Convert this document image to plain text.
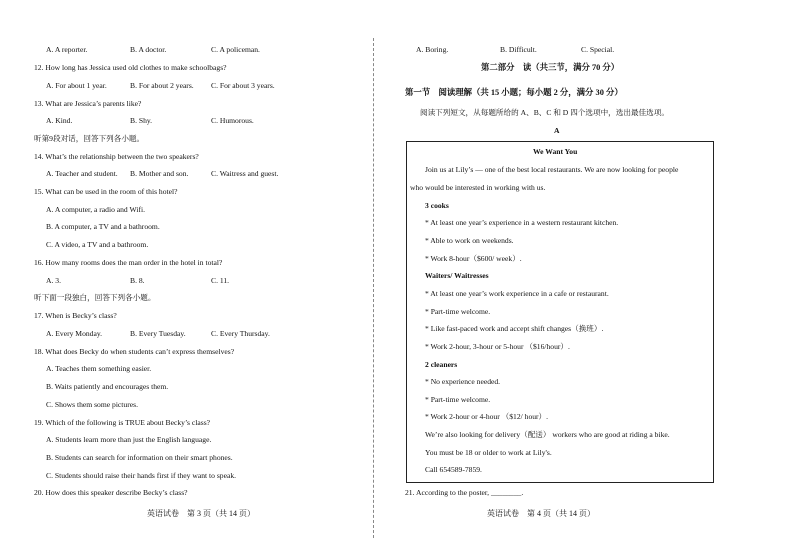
A. A reporter.	B. A doctor.	C. A policeman.
12. How long has Jessica used old clothes to make schoolbags?
A. For about 1 year.	B. For about 2 years. C. For about 3 years.
13. What are Jessica’s parents like?
A. Kind.	B. Shy.	C. Humorous.
听第9段对话，回答下列各小题。
14. What’s the relationship between the two speakers?
A. Teacher and student. B. Mother and son.	C. Waitress and guest.
15. What can be used in the room of this hotel?
A. A computer, a radio and Wifi.
B. A computer, a TV and a bathroom.
C. A video, a TV and a bathroom.
16. How many rooms does the man order in the hotel in total?
A. 3.	B. 8.	C. 11.
听下面一段独白，回答下列各小题。
17. When is Becky’s class?
A. Every Monday.	B. Every Tuesday.	C. Every Thursday.
18. What does Becky do when students can’t express themselves?
A. Teaches them something easier.
B. Waits patiently and encourages them.
C. Shows them some pictures.
19. Which of the following is TRUE about Becky’s class?
A. Students learn more than just the English language.
B. Students can search for information on their smart phones.
C. Students should raise their hands first if they want to speak.
20. How does this speaker describe Becky’s class?
英语试卷　第 3 页（共 14 页）
A. Boring.	B. Difficult.	C. Special.
第二部分　读（共三节，满分 70 分）
第一节　阅读理解（共 15 小题；每小题 2 分，满分 30 分）
阅读下列短文，从每题所给的 A、B、C 和 D 四个选项中，选出最佳选项。
A
We Want You
Join us at Lily’s — one of the best local restaurants. We are now looking for people
who would be interested in working with us.
3 cooks
* At least one year’s experience in a western restaurant kitchen.
* Able to work on weekends.
* Work 8-hour（$600/ week）.
Waiters/ Waitresses
* At least one year’s work experience in a cafe or restaurant.
* Part-time welcome.
* Like fast-paced work and accept shift changes（换班）.
* Work 2-hour, 3-hour or 5-hour （$16/hour）.
2 cleaners
* No experience needed.
* Part-time welcome.
* Work 2-hour or 4-hour （$12/ hour）.
We’re also looking for delivery（配送） workers who are good at riding a bike.
You must be 18 or older to work at Lily's.
Call 654589-7859.
21. According to the poster, ________.
英语试卷　第 4 页（共 14 页）
